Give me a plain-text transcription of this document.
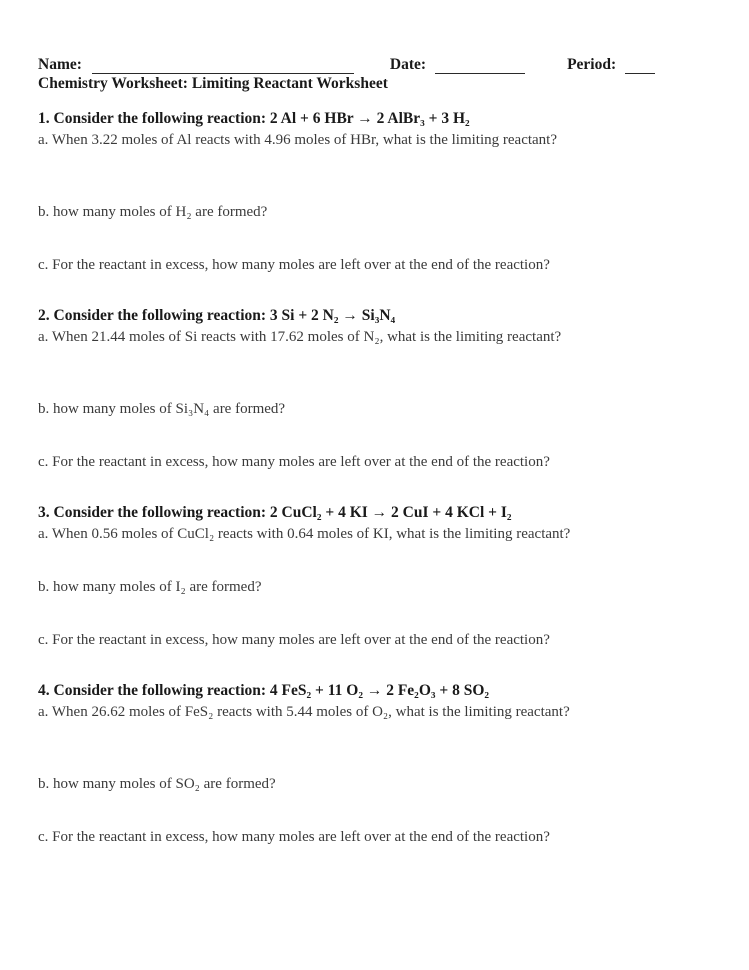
Name:	Date:	Period:
Chemistry Worksheet: Limiting Reactant Worksheet
1. Consider the following reaction: 2 Al + 6 HBr → 2 AlBr₃ + 3 H₂
a. When 3.22 moles of Al reacts with 4.96 moles of HBr, what is the limiting reactant?
b. how many moles of H₂ are formed?
c. For the reactant in excess, how many moles are left over at the end of the reaction?
2. Consider the following reaction: 3 Si + 2 N₂ → Si₃N₄
a. When 21.44 moles of Si reacts with 17.62 moles of N₂, what is the limiting reactant?
b. how many moles of Si₃N₄ are formed?
c. For the reactant in excess, how many moles are left over at the end of the reaction?
3. Consider the following reaction: 2 CuCl₂ + 4 KI → 2 CuI + 4 KCl + I₂
a. When 0.56 moles of CuCl₂ reacts with 0.64 moles of KI, what is the limiting reactant?
b. how many moles of I₂ are formed?
c. For the reactant in excess, how many moles are left over at the end of the reaction?
4. Consider the following reaction: 4 FeS₂ + 11 O₂ → 2 Fe₂O₃ + 8 SO₂
a. When 26.62 moles of FeS₂ reacts with 5.44 moles of O₂, what is the limiting reactant?
b. how many moles of SO₂ are formed?
c. For the reactant in excess, how many moles are left over at the end of the reaction?
